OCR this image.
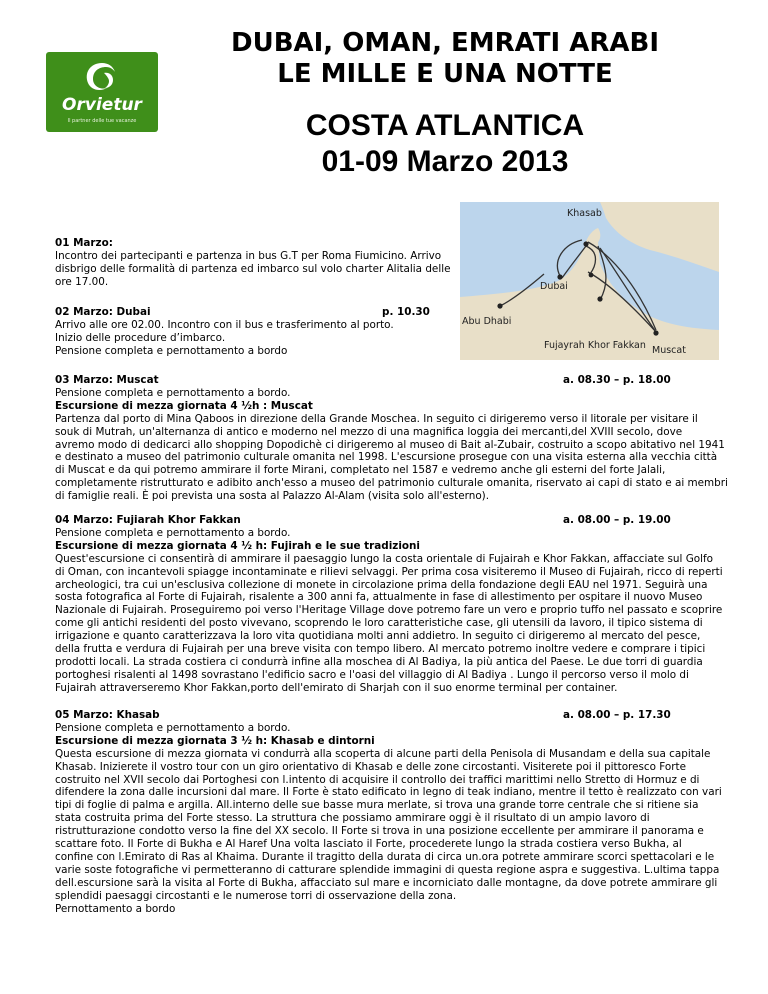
Orvietur
Il partner delle tue vacanze
DUBAI, OMAN, EMRATI ARABI
LE MILLE E UNA NOTTE
COSTA ATLANTICA
01-09 Marzo 2013
Khasab
Dubai
Abu Dhabi
Fujayrah Khor Fakkan Muscat

01 Marzo:

Incontro dei partecipanti e partenza in bus G.T per Roma Fiumicino. Arrivo

disbrigo delle formalità di partenza ed imbarco sul volo charter Alitalia delle

ore 17.00.

02 Marzo: Dubai	p. 10.30

Arrivo alle ore 02.00. Incontro con il bus e trasferimento al porto.

Inizio delle procedure d’imbarco.

Pensione completa e pernottamento a bordo

03 Marzo: Muscat	a. 08.30 – p. 18.00

Pensione completa e pernottamento a bordo.

Escursione di mezza giornata 4 ½h : Muscat

Partenza dal porto di Mina Qaboos in direzione della Grande Moschea. In seguito ci dirigeremo verso il litorale per visitare il

souk di Mutrah, un'alternanza di antico e moderno nel mezzo di una magnifica loggia dei mercanti,del XVIII secolo, dove

avremo modo di dedicarci allo shopping Dopodichè ci dirigeremo al museo di Bait al-Zubair, costruito a scopo abitativo nel 1941

e destinato a museo del patrimonio culturale omanita nel 1998. L'escursione prosegue con una visita esterna alla vecchia città

di Muscat e da qui potremo ammirare il forte Mirani, completato nel 1587 e vedremo anche gli esterni del forte Jalali,

completamente ristrutturato e adibito anch'esso a museo del patrimonio culturale omanita, riservato ai capi di stato e ai membri

di famiglie reali. È poi prevista una sosta al Palazzo Al-Alam (visita solo all'esterno).

04 Marzo: Fujiarah Khor Fakkan	a. 08.00 – p. 19.00

Pensione completa e pernottamento a bordo.

Escursione di mezza giornata 4 ½ h: Fujirah e le sue tradizioni

Quest'escursione ci consentirà di ammirare il paesaggio lungo la costa orientale di Fujairah e Khor Fakkan, affacciate sul Golfo

di Oman, con incantevoli spiagge incontaminate e rilievi selvaggi. Per prima cosa visiteremo il Museo di Fujairah, ricco di reperti

archeologici, tra cui un'esclusiva collezione di monete in circolazione prima della fondazione degli EAU nel 1971. Seguirà una

sosta fotografica al Forte di Fujairah, risalente a 300 anni fa, attualmente in fase di allestimento per ospitare il nuovo Museo

Nazionale di Fujairah. Proseguiremo poi verso l'Heritage Village dove potremo fare un vero e proprio tuffo nel passato e scoprire

come gli antichi residenti del posto vivevano, scoprendo le loro caratteristiche case, gli utensili da lavoro, il tipico sistema di

irrigazione e quanto caratterizzava la loro vita quotidiana molti anni addietro. In seguito ci dirigeremo al mercato del pesce,

della frutta e verdura di Fujairah per una breve visita con tempo libero. Al mercato potremo inoltre vedere e comprare i tipici

prodotti locali. La strada costiera ci condurrà infine alla moschea di Al Badiya, la più antica del Paese. Le due torri di guardia

portoghesi risalenti al 1498 sovrastano l'edificio sacro e l'oasi del villaggio di Al Badiya . Lungo il percorso verso il molo di

Fujairah attraverseremo Khor Fakkan,porto dell'emirato di Sharjah con il suo enorme terminal per container.

05 Marzo: Khasab	a. 08.00 – p. 17.30

Pensione completa e pernottamento a bordo.

Escursione di mezza giornata 3 ½ h: Khasab e dintorni

Questa escursione di mezza giornata vi condurrà alla scoperta di alcune parti della Penisola di Musandam e della sua capitale

Khasab. Inizierete il vostro tour con un giro orientativo di Khasab e delle zone circostanti. Visiterete poi il pittoresco Forte

costruito nel XVII secolo dai Portoghesi con l.intento di acquisire il controllo dei traffici marittimi nello Stretto di Hormuz e di

difendere la zona dalle incursioni dal mare. Il Forte è stato edificato in legno di teak indiano, mentre il tetto è realizzato con vari

tipi di foglie di palma e argilla. All.interno delle sue basse mura merlate, si trova una grande torre centrale che si ritiene sia

stata costruita prima del Forte stesso. La struttura che possiamo ammirare oggi è il risultato di un ampio lavoro di

ristrutturazione condotto verso la fine del XX secolo. Il Forte si trova in una posizione eccellente per ammirare il panorama e

scattare foto. Il Forte di Bukha e Al Haref Una volta lasciato il Forte, procederete lungo la strada costiera verso Bukha, al

confine con l.Emirato di Ras al Khaima. Durante il tragitto della durata di circa un.ora potrete ammirare scorci spettacolari e le

varie soste fotografiche vi permetteranno di catturare splendide immagini di questa regione aspra e suggestiva. L.ultima tappa

dell.escursione sarà la visita al Forte di Bukha, affacciato sul mare e incorniciato dalle montagne, da dove potrete ammirare gli

splendidi paesaggi circostanti e le numerose torri di osservazione della zona.

Pernottamento a bordo
